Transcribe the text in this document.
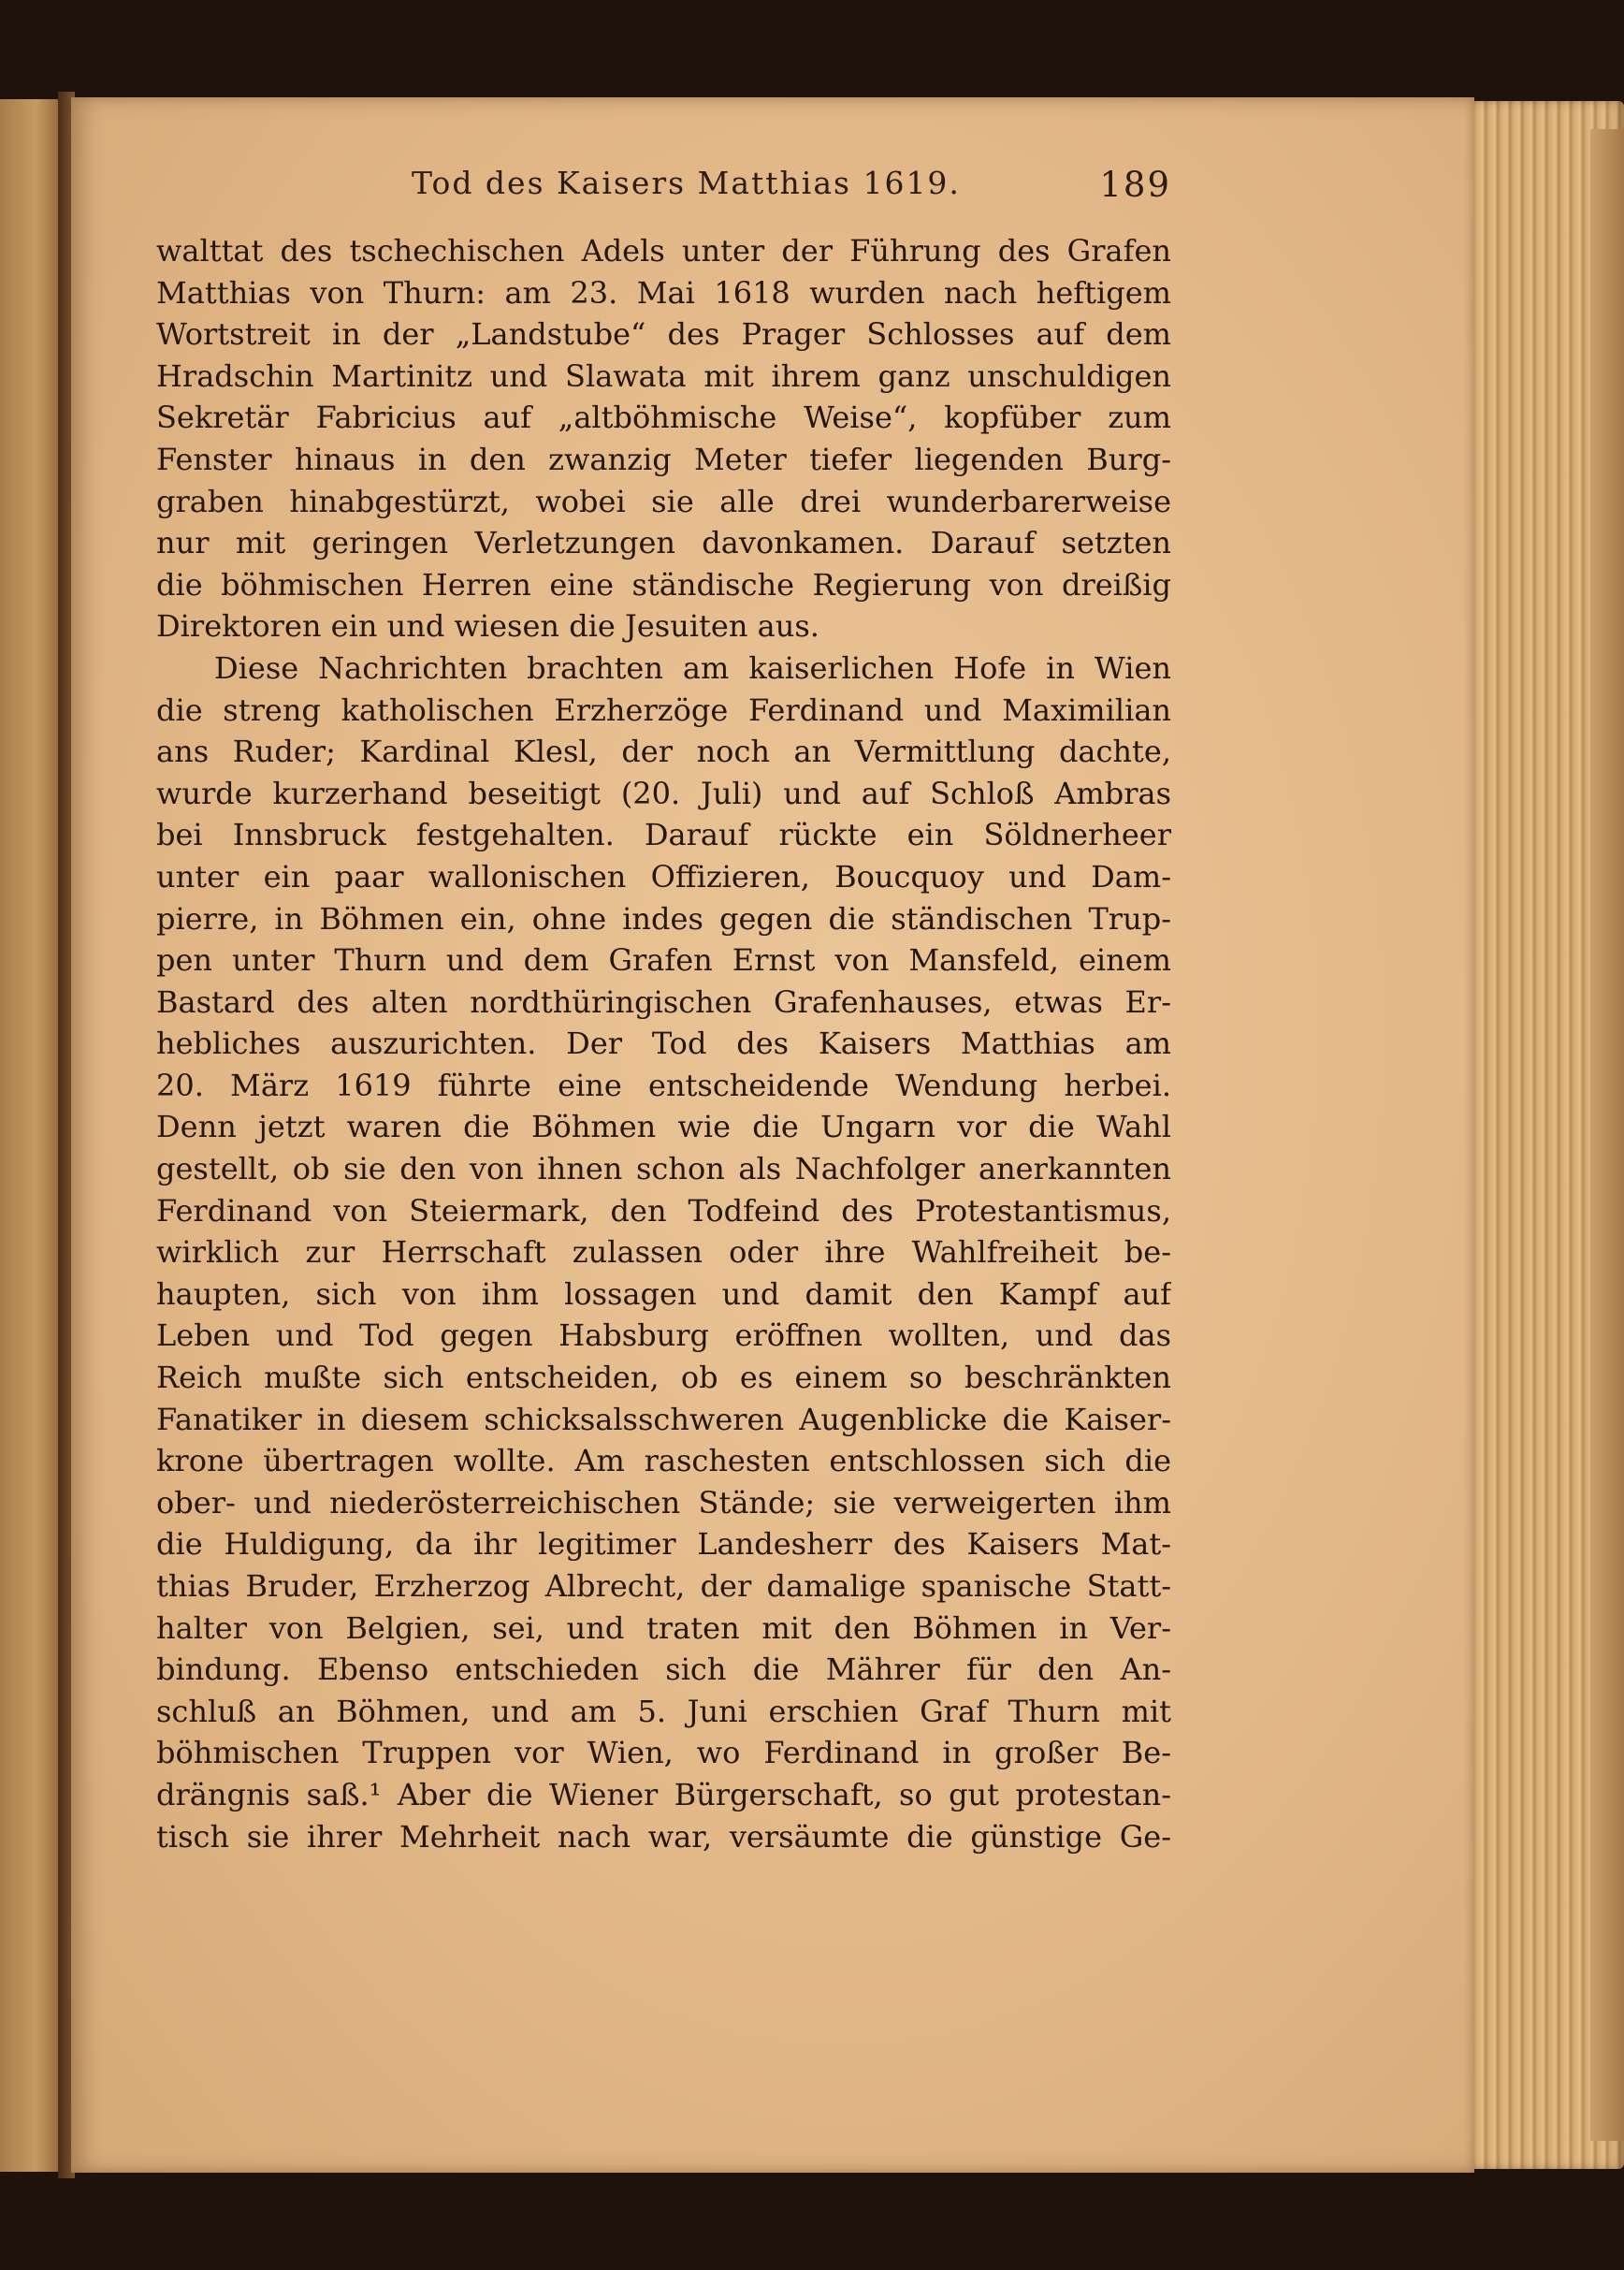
Tod des Kaisers Matthias 1619.	189
walttat des tschechischen Adels unter der Führung des Grafen
Matthias von Thurn: am 23. Mai 1618 wurden nach heftigem
Wortstreit in der „Landstube“ des Prager Schlosses auf dem
Hradschin Martinitz und Slawata mit ihrem ganz unschuldigen
Sekretär Fabricius auf „altböhmische Weise“, kopfüber zum
Fenster hinaus in den zwanzig Meter tiefer liegenden Burg-
graben hinabgestürzt, wobei sie alle drei wunderbarerweise
nur mit geringen Verletzungen davonkamen. Darauf setzten
die böhmischen Herren eine ständische Regierung von dreißig
Direktoren ein und wiesen die Jesuiten aus.
Diese Nachrichten brachten am kaiserlichen Hofe in Wien
die streng katholischen Erzherzöge Ferdinand und Maximilian
ans Ruder; Kardinal Klesl, der noch an Vermittlung dachte,
wurde kurzerhand beseitigt (20. Juli) und auf Schloß Ambras
bei Innsbruck festgehalten. Darauf rückte ein Söldnerheer
unter ein paar wallonischen Offizieren, Boucquoy und Dam-
pierre, in Böhmen ein, ohne indes gegen die ständischen Trup-
pen unter Thurn und dem Grafen Ernst von Mansfeld, einem
Bastard des alten nordthüringischen Grafenhauses, etwas Er-
hebliches auszurichten. Der Tod des Kaisers Matthias am
20. März 1619 führte eine entscheidende Wendung herbei.
Denn jetzt waren die Böhmen wie die Ungarn vor die Wahl
gestellt, ob sie den von ihnen schon als Nachfolger anerkannten
Ferdinand von Steiermark, den Todfeind des Protestantismus,
wirklich zur Herrschaft zulassen oder ihre Wahlfreiheit be-
haupten, sich von ihm lossagen und damit den Kampf auf
Leben und Tod gegen Habsburg eröffnen wollten, und das
Reich mußte sich entscheiden, ob es einem so beschränkten
Fanatiker in diesem schicksalsschweren Augenblicke die Kaiser-
krone übertragen wollte. Am raschesten entschlossen sich die
ober- und niederösterreichischen Stände; sie verweigerten ihm
die Huldigung, da ihr legitimer Landesherr des Kaisers Mat-
thias Bruder, Erzherzog Albrecht, der damalige spanische Statt-
halter von Belgien, sei, und traten mit den Böhmen in Ver-
bindung. Ebenso entschieden sich die Mährer für den An-
schluß an Böhmen, und am 5. Juni erschien Graf Thurn mit
böhmischen Truppen vor Wien, wo Ferdinand in großer Be-
drängnis saß.¹ Aber die Wiener Bürgerschaft, so gut protestan-
tisch sie ihrer Mehrheit nach war, versäumte die günstige Ge-
